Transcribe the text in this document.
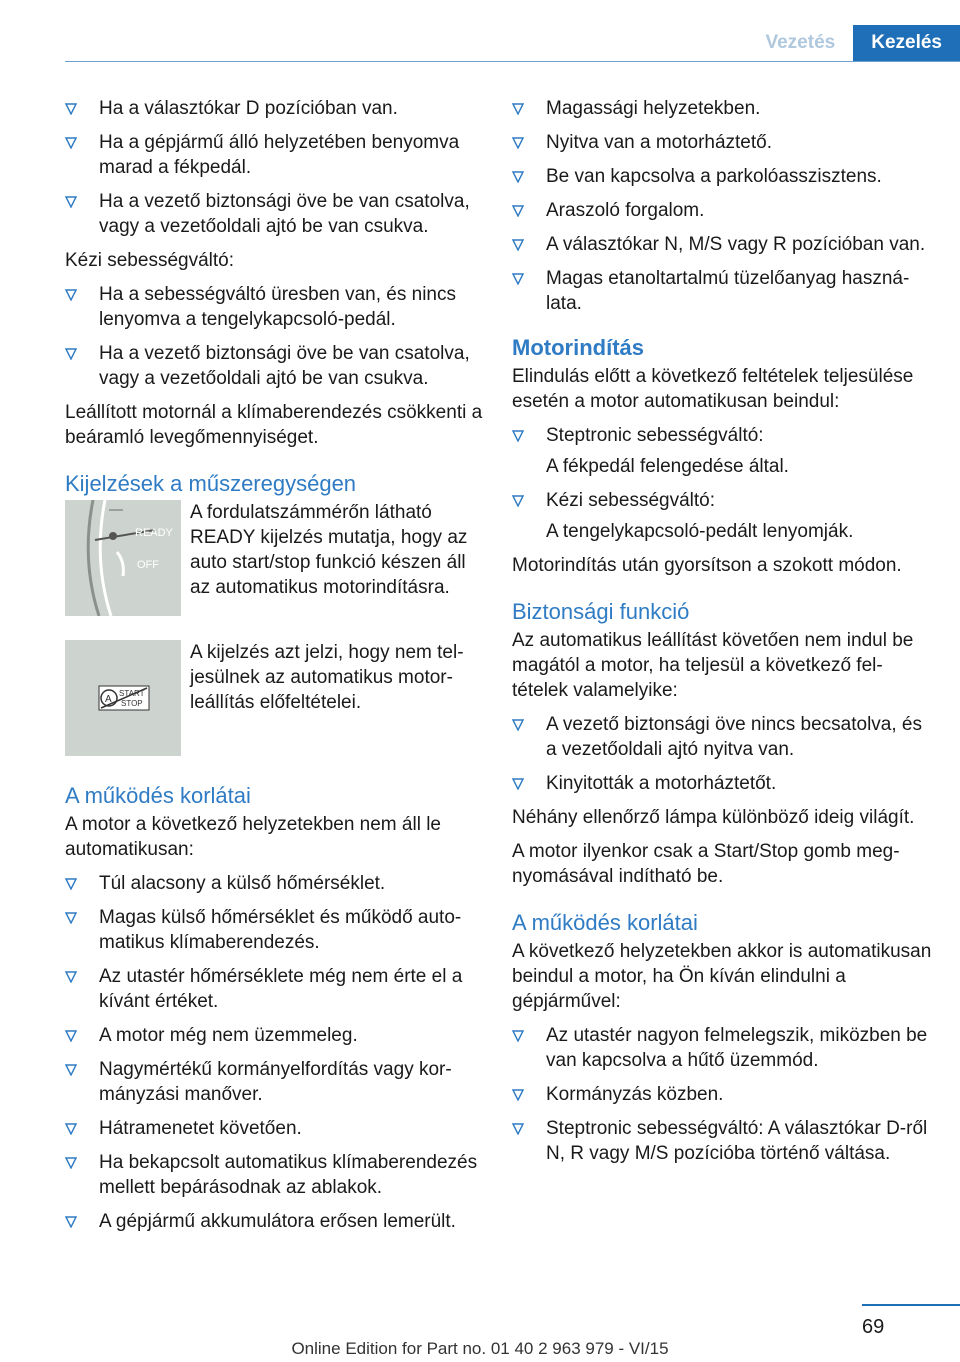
Vezetés	Kezelés
Ha a választókar D pozícióban van.
Ha a gépjármű álló helyzetében benyomva marad a fékpedál.
Ha a vezető biztonsági öve be van csatolva, vagy a vezetőoldali ajtó be van csukva.
Kézi sebességváltó:
Ha a sebességváltó üresben van, és nincs lenyomva a tengelykapcsoló-pedál.
Ha a vezető biztonsági öve be van csatolva, vagy a vezetőoldali ajtó be van csukva.
Leállított motornál a klímaberendezés csökkenti a beáramló levegőmennyiséget.
Kijelzések a műszeregységen
READY
OFF
A fordulatszámmérőn látható READY kijelzés mutatja, hogy az auto start/stop funkció készen áll az automatikus motorindításra.
A
START
STOP
A kijelzés azt jelzi, hogy nem teljesülnek az automatikus motorleállítás előfeltételei.
A működés korlátai
A motor a következő helyzetekben nem áll le automatikusan:
Túl alacsony a külső hőmérséklet.
Magas külső hőmérséklet és működő automatikus klímaberendezés.
Az utastér hőmérséklete még nem érte el a kívánt értéket.
A motor még nem üzemmeleg.
Nagymértékű kormányelfordítás vagy kormányzási manőver.
Hátramenetet követően.
Ha bekapcsolt automatikus klímaberendezés mellett bepárásodnak az ablakok.
A gépjármű akkumulátora erősen lemerült.
Magassági helyzetekben.
Nyitva van a motorháztető.
Be van kapcsolva a parkolóasszisztens.
Araszoló forgalom.
A választókar N, M/S vagy R pozícióban van.
Magas etanoltartalmú tüzelőanyag használata.
Motorindítás
Elindulás előtt a következő feltételek teljesülése esetén a motor automatikusan beindul:
Steptronic sebességváltó:
A fékpedál felengedése által.
Kézi sebességváltó:
A tengelykapcsoló-pedált lenyomják.
Motorindítás után gyorsítson a szokott módon.
Biztonsági funkció
Az automatikus leállítást követően nem indul be magától a motor, ha teljesül a következő feltételek valamelyike:
A vezető biztonsági öve nincs becsatolva, és a vezetőoldali ajtó nyitva van.
Kinyitották a motorháztetőt.
Néhány ellenőrző lámpa különböző ideig világít.
A motor ilyenkor csak a Start/Stop gomb megnyomásával indítható be.
A működés korlátai
A következő helyzetekben akkor is automatikusan beindul a motor, ha Ön kíván elindulni a gépjárművel:
Az utastér nagyon felmelegszik, miközben be van kapcsolva a hűtő üzemmód.
Kormányzás közben.
Steptronic sebességváltó: A választókar D-ről N, R vagy M/S pozícióba történő váltása.
69
Online Edition for Part no. 01 40 2 963 979 - VI/15
